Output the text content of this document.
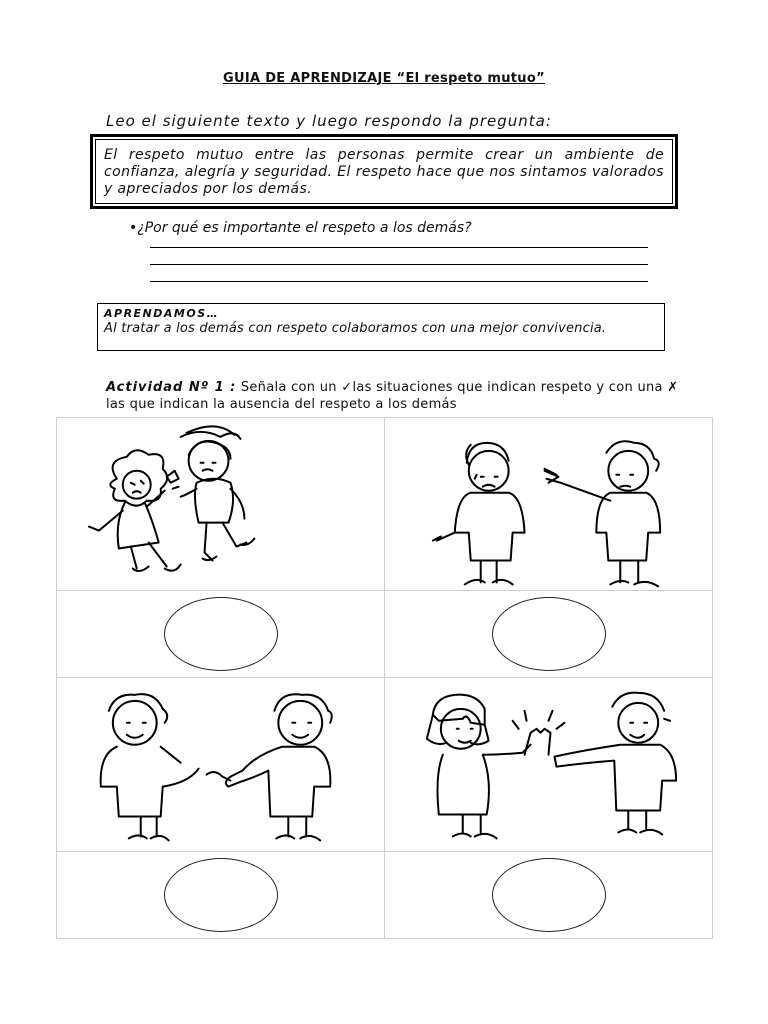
GUIA DE APRENDIZAJE “El respeto mutuo”
Leo el siguiente texto y luego respondo la pregunta:

El respeto mutuo entre las personas permite crear un ambiente de confianza, alegría y seguridad. El respeto hace que nos sintamos valorados y apreciados por los demás.

•¿Por qué es importante el respeto a los demás?
APRENDAMOS…
Al tratar a los demás con respeto colaboramos con una mejor convivencia.
Actividad Nº 1 : Señala con un ✓las situaciones que indican respeto y con una ✗ las que indican la ausencia del respeto a los demás
